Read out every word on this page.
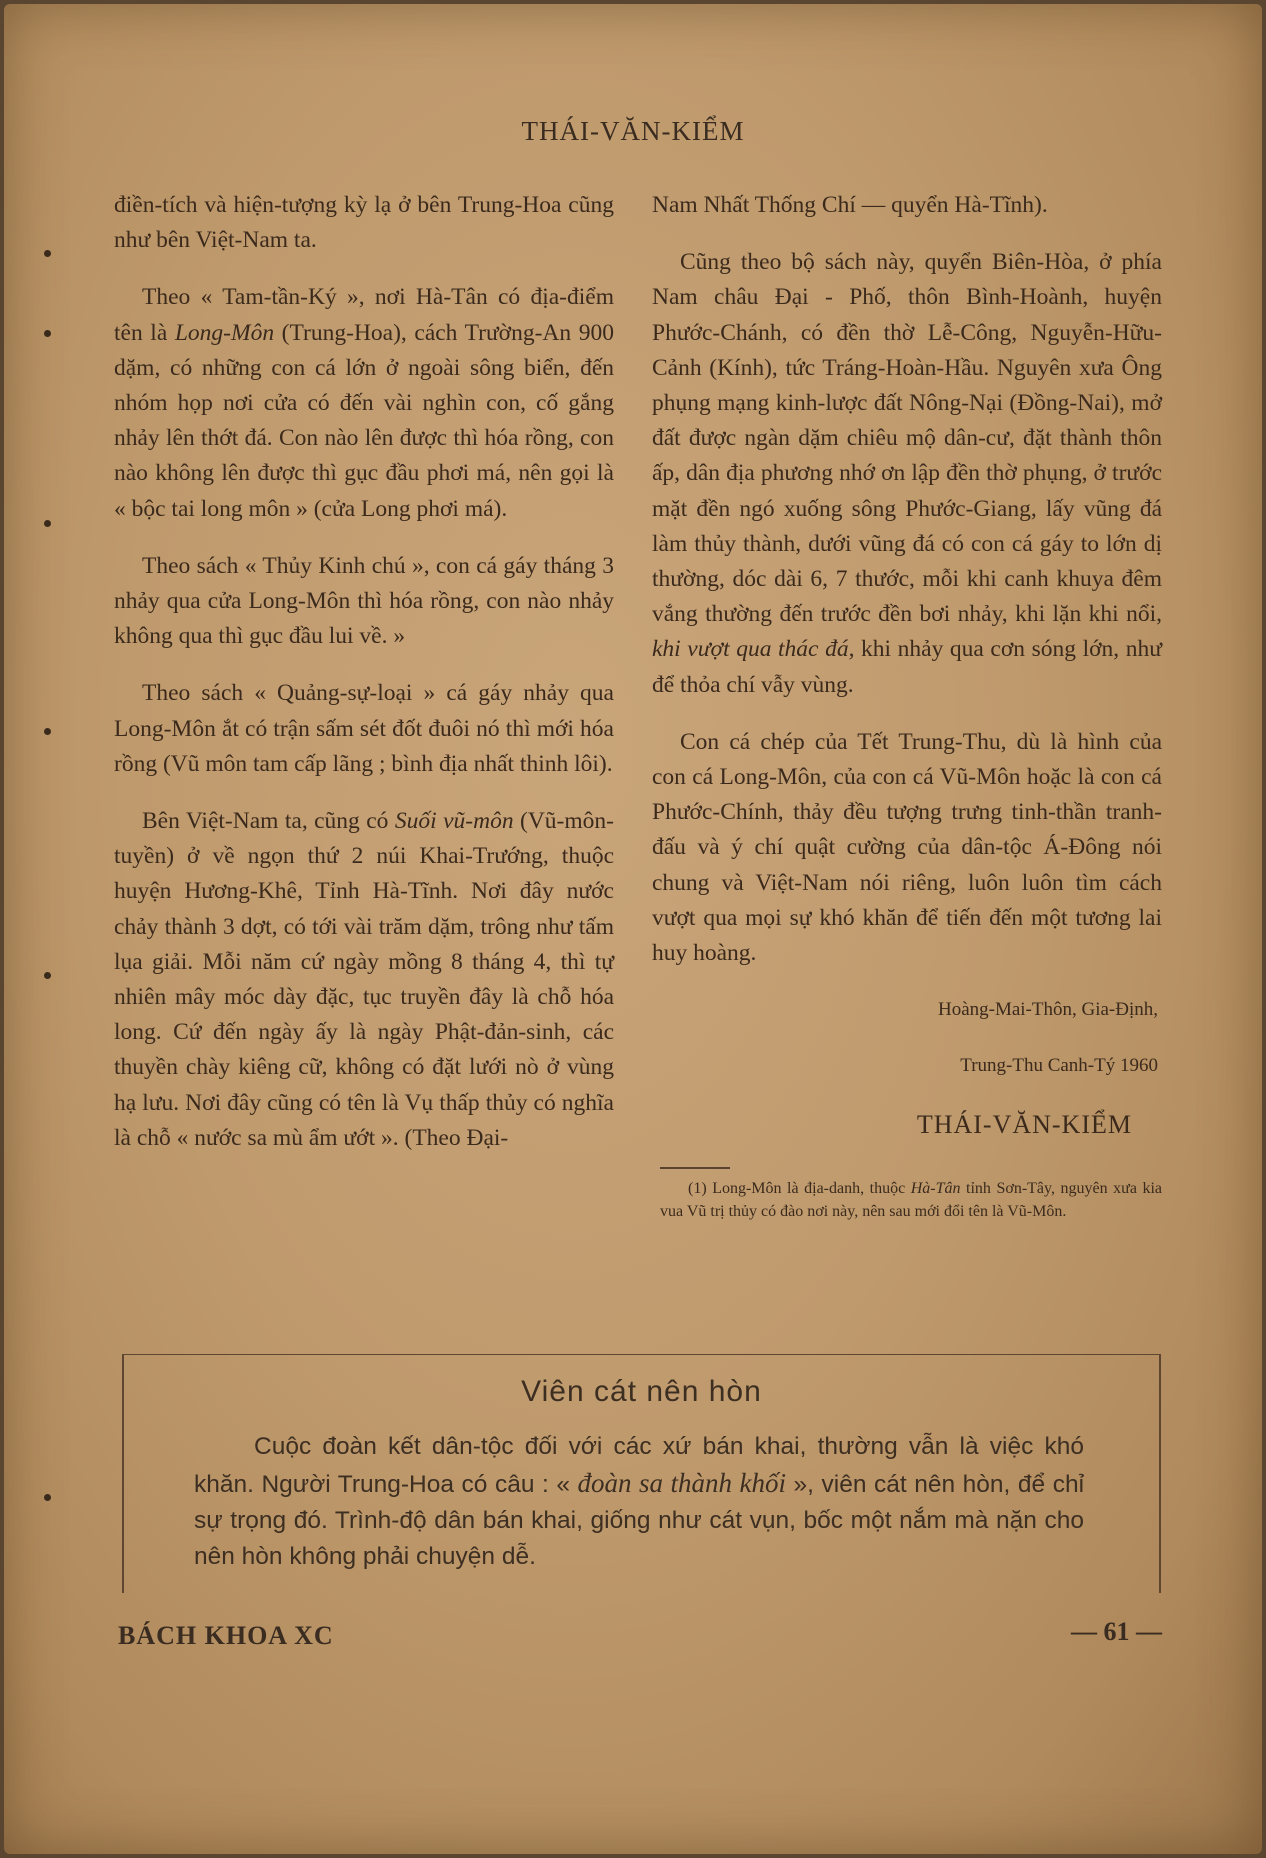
THÁI-VĂN-KIỂM

điền-tích và hiện-tượng kỳ lạ ở bên Trung-Hoa cũng như bên Việt-Nam ta.

Theo « Tam-tần-Ký », nơi Hà-Tân có địa-điểm tên là Long-Môn (Trung-Hoa), cách Trường-An 900 dặm, có những con cá lớn ở ngoài sông biển, đến nhóm họp nơi cửa có đến vài nghìn con, cố gắng nhảy lên thớt đá. Con nào lên được thì hóa rồng, con nào không lên được thì gục đầu phơi má, nên gọi là « bộc tai long môn » (cửa Long phơi má).

Theo sách « Thủy Kinh chú », con cá gáy tháng 3 nhảy qua cửa Long-Môn thì hóa rồng, con nào nhảy không qua thì gục đầu lui về. »

Theo sách « Quảng-sự-loại » cá gáy nhảy qua Long-Môn ắt có trận sấm sét đốt đuôi nó thì mới hóa rồng (Vũ môn tam cấp lãng ; bình địa nhất thinh lôi).

Bên Việt-Nam ta, cũng có Suối vũ-môn (Vũ-môn-tuyền) ở về ngọn thứ 2 núi Khai-Trướng, thuộc huyện Hương-Khê, Tỉnh Hà-Tĩnh. Nơi đây nước chảy thành 3 dợt, có tới vài trăm dặm, trông như tấm lụa giải. Mỗi năm cứ ngày mồng 8 tháng 4, thì tự nhiên mây móc dày đặc, tục truyền đây là chỗ hóa long. Cứ đến ngày ấy là ngày Phật-đản-sinh, các thuyền chày kiêng cữ, không có đặt lưới nò ở vùng hạ lưu. Nơi đây cũng có tên là Vụ thấp thủy có nghĩa là chỗ « nước sa mù ẩm ướt ». (Theo Đại-

Nam Nhất Thống Chí — quyển Hà-Tĩnh).

Cũng theo bộ sách này, quyển Biên-Hòa, ở phía Nam châu Đại - Phố, thôn Bình-Hoành, huyện Phước-Chánh, có đền thờ Lễ-Công, Nguyễn-Hữu-Cảnh (Kính), tức Tráng-Hoàn-Hầu. Nguyên xưa Ông phụng mạng kinh-lược đất Nông-Nại (Đồng-Nai), mở đất được ngàn dặm chiêu mộ dân-cư, đặt thành thôn ấp, dân địa phương nhớ ơn lập đền thờ phụng, ở trước mặt đền ngó xuống sông Phước-Giang, lấy vũng đá làm thủy thành, dưới vũng đá có con cá gáy to lớn dị thường, dóc dài 6, 7 thước, mỗi khi canh khuya đêm vắng thường đến trước đền bơi nhảy, khi lặn khi nổi, khi vượt qua thác đá, khi nhảy qua cơn sóng lớn, như để thỏa chí vẫy vùng.

Con cá chép của Tết Trung-Thu, dù là hình của con cá Long-Môn, của con cá Vũ-Môn hoặc là con cá Phước-Chính, thảy đều tượng trưng tinh-thần tranh-đấu và ý chí quật cường của dân-tộc Á-Đông nói chung và Việt-Nam nói riêng, luôn luôn tìm cách vượt qua mọi sự khó khăn để tiến đến một tương lai huy hoàng.

Hoàng-Mai-Thôn, Gia-Định,

Trung-Thu Canh-Tý 1960

THÁI-VĂN-KIỂM

(1) Long-Môn là địa-danh, thuộc Hà-Tân tỉnh Sơn-Tây, nguyên xưa kia vua Vũ trị thủy có đào nơi này, nên sau mới đổi tên là Vũ-Môn.

Viên cát nên hòn
Cuộc đoàn kết dân-tộc đối với các xứ bán khai, thường vẫn là việc khó khăn. Người Trung-Hoa có câu : « đoàn sa thành khối », viên cát nên hòn, để chỉ sự trọng đó. Trình-độ dân bán khai, giống như cát vụn, bốc một nắm mà nặn cho nên hòn không phải chuyện dễ.
BÁCH KHOA XC	— 61 —
